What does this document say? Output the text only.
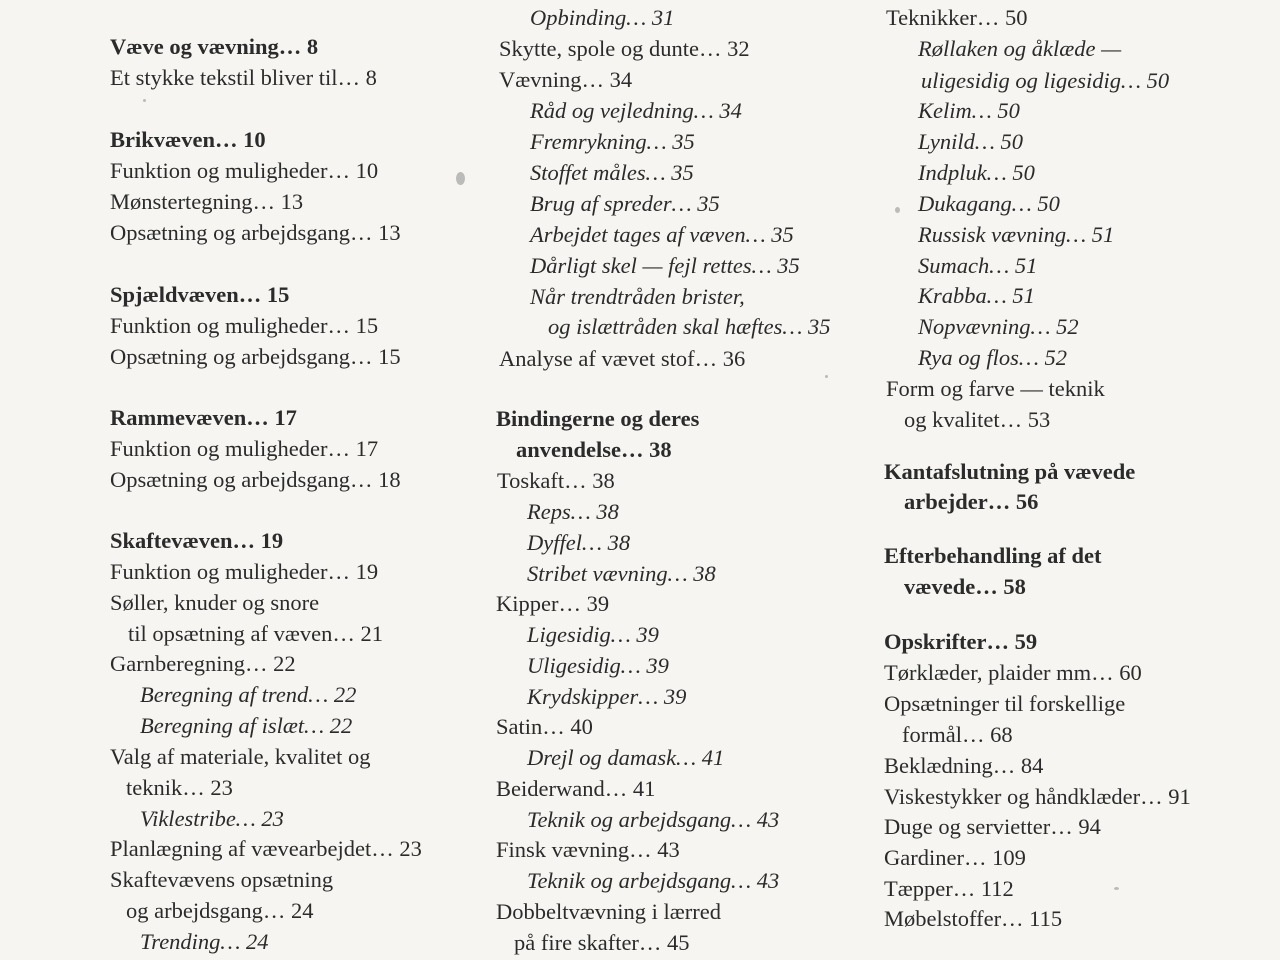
Væve og vævning… 8
Et stykke tekstil bliver til… 8
Brikvæven… 10
Funktion og muligheder… 10
Mønstertegning… 13
Opsætning og arbejdsgang… 13
Spjældvæven… 15
Funktion og muligheder… 15
Opsætning og arbejdsgang… 15
Rammevæven… 17
Funktion og muligheder… 17
Opsætning og arbejdsgang… 18
Skaftevæven… 19
Funktion og muligheder… 19
Søller, knuder og snore
til opsætning af væven… 21
Garnberegning… 22
Beregning af trend… 22
Beregning af islæt… 22
Valg af materiale, kvalitet og
teknik… 23
Viklestribe… 23
Planlægning af vævearbejdet… 23
Skaftevævens opsætning
og arbejdsgang… 24
Trending… 24
Opbinding… 31
Skytte, spole og dunte… 32
Vævning… 34
Råd og vejledning… 34
Fremrykning… 35
Stoffet måles… 35
Brug af spreder… 35
Arbejdet tages af væven… 35
Dårligt skel — fejl rettes… 35
Når trendtråden brister,
og islættråden skal hæftes… 35
Analyse af vævet stof… 36
Bindingerne og deres
anvendelse… 38
Toskaft… 38
Reps… 38
Dyffel… 38
Stribet vævning… 38
Kipper… 39
Ligesidig… 39
Uligesidig… 39
Krydskipper… 39
Satin… 40
Drejl og damask… 41
Beiderwand… 41
Teknik og arbejdsgang… 43
Finsk vævning… 43
Teknik og arbejdsgang… 43
Dobbeltvævning i lærred
på fire skafter… 45
Teknikker… 50
Røllaken og åklæde —
uligesidig og ligesidig… 50
Kelim… 50
Lynild… 50
Indpluk… 50
Dukagang… 50
Russisk vævning… 51
Sumach… 51
Krabba… 51
Nopvævning… 52
Rya og flos… 52
Form og farve — teknik
og kvalitet… 53
Kantafslutning på vævede
arbejder… 56
Efterbehandling af det
vævede… 58
Opskrifter… 59
Tørklæder, plaider mm… 60
Opsætninger til forskellige
formål… 68
Beklædning… 84
Viskestykker og håndklæder… 91
Duge og servietter… 94
Gardiner… 109
Tæpper… 112
Møbelstoffer… 115
